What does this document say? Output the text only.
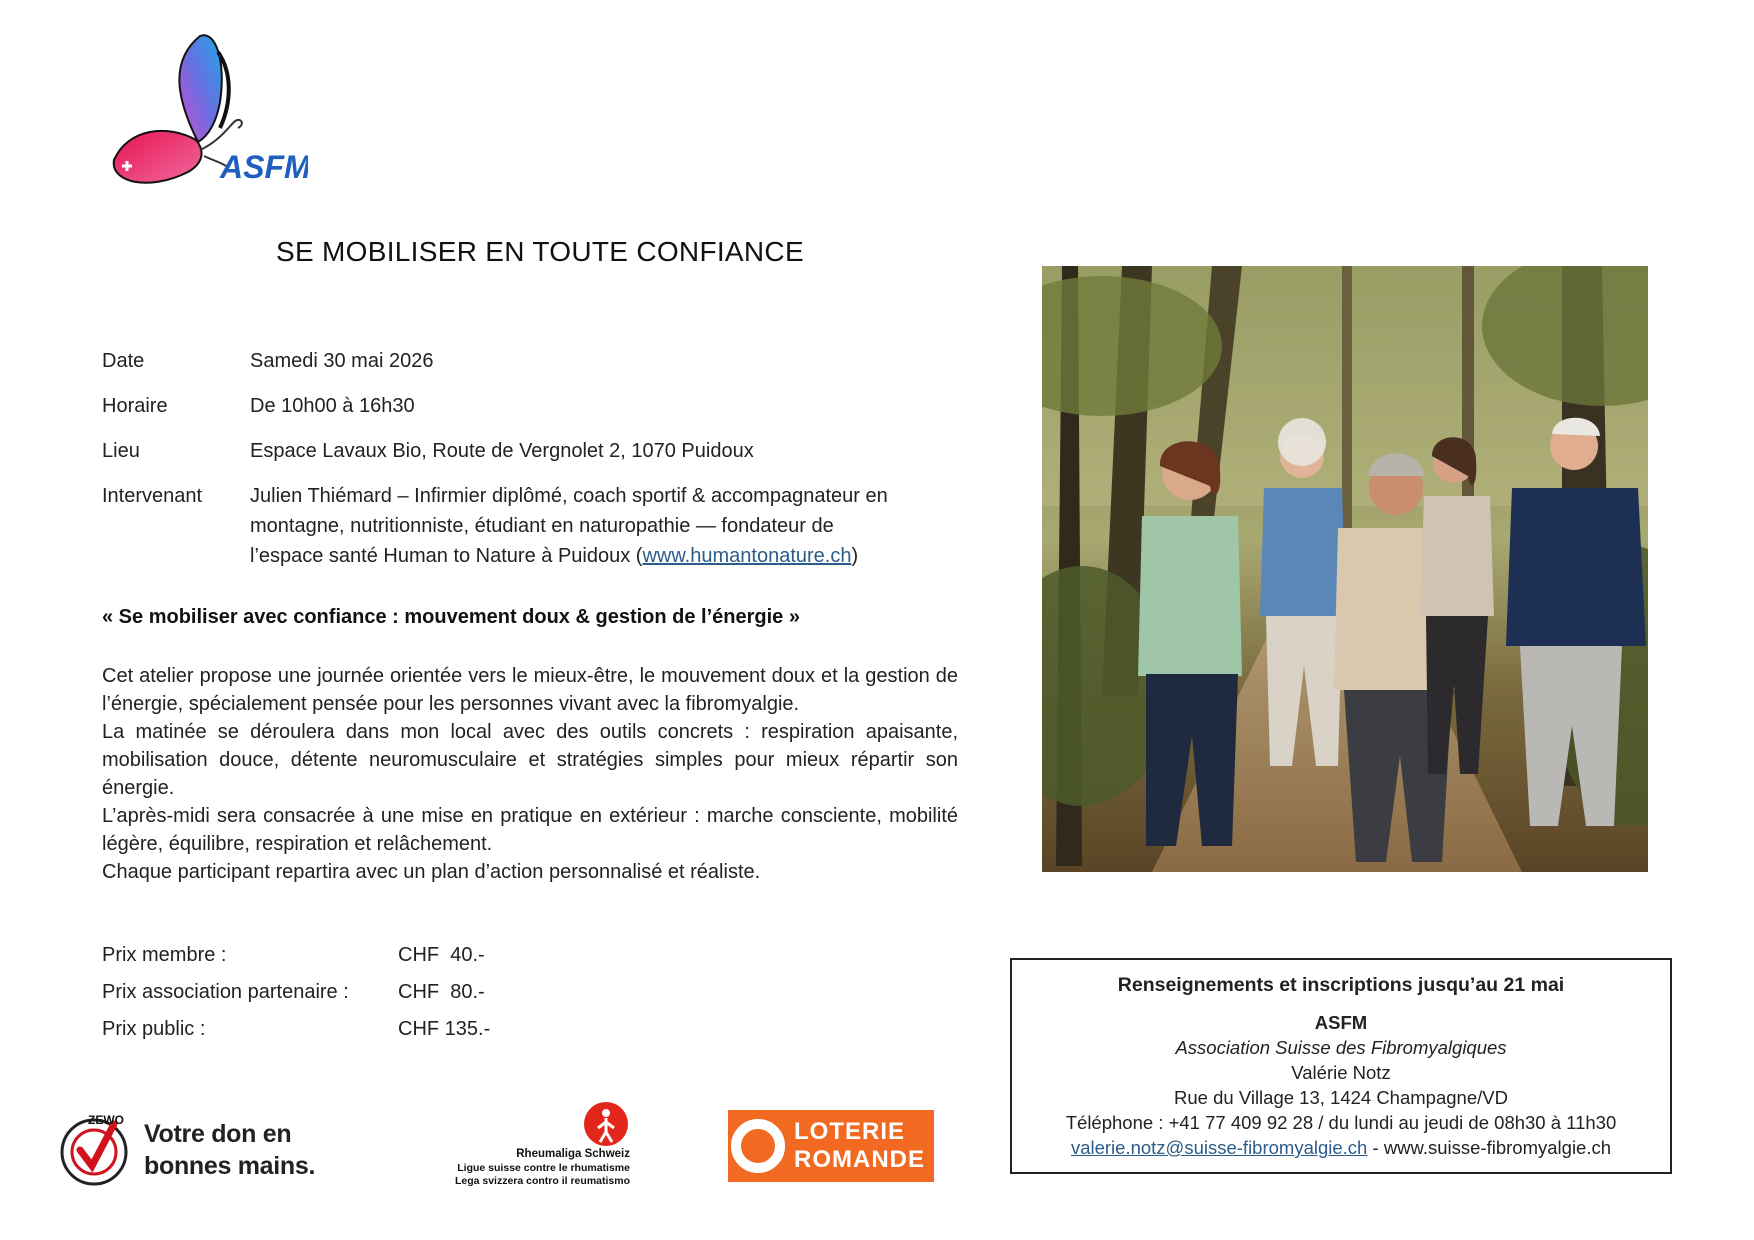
ASFM
SE MOBILISER EN TOUTE CONFIANCE
Date	Samedi 30 mai 2026
Horaire	De 10h00 à 16h30
Lieu	Espace Lavaux Bio, Route de Vergnolet 2, 1070 Puidoux
Intervenant Julien Thiémard – Infirmier diplômé, coach sportif & accompagnateur en
montagne, nutritionniste, étudiant en naturopathie — fondateur de
l’espace santé Human to Nature à Puidoux (www.humantonature.ch)
« Se mobiliser avec confiance : mouvement doux & gestion de l’énergie »

Cet atelier propose une journée orientée vers le mieux-être, le mouvement doux et la gestion de l’énergie, spécialement pensée pour les personnes vivant avec la fibromyalgie.

La matinée se déroulera dans mon local avec des outils concrets : respiration apaisante, mobilisation douce, détente neuromusculaire et stratégies simples pour mieux répartir son énergie.

L’après-midi sera consacrée à une mise en pratique en extérieur : marche consciente, mobilité légère, équilibre, respiration et relâchement.

Chaque participant repartira avec un plan d’action personnalisé et réaliste.

Prix membre :	CHF  40.-
Prix association partenaire : CHF  80.-
Prix public :	CHF 135.-
Renseignements et inscriptions jusqu’au 21 mai
ASFM
Association Suisse des Fibromyalgiques
Valérie Notz
Rue du Village 13, 1424 Champagne/VD
Téléphone : +41 77 409 92 28 / du lundi au jeudi de 08h30 à 11h30
valerie.notz@suisse-fibromyalgie.ch - www.suisse-fibromyalgie.ch
ZEWO Votre don en
bonnes mains.	Rheumaliga Schweiz
Ligue suisse contre le rhumatisme
Lega svizzera contro il reumatismo
LOTERIE
ROMANDE
